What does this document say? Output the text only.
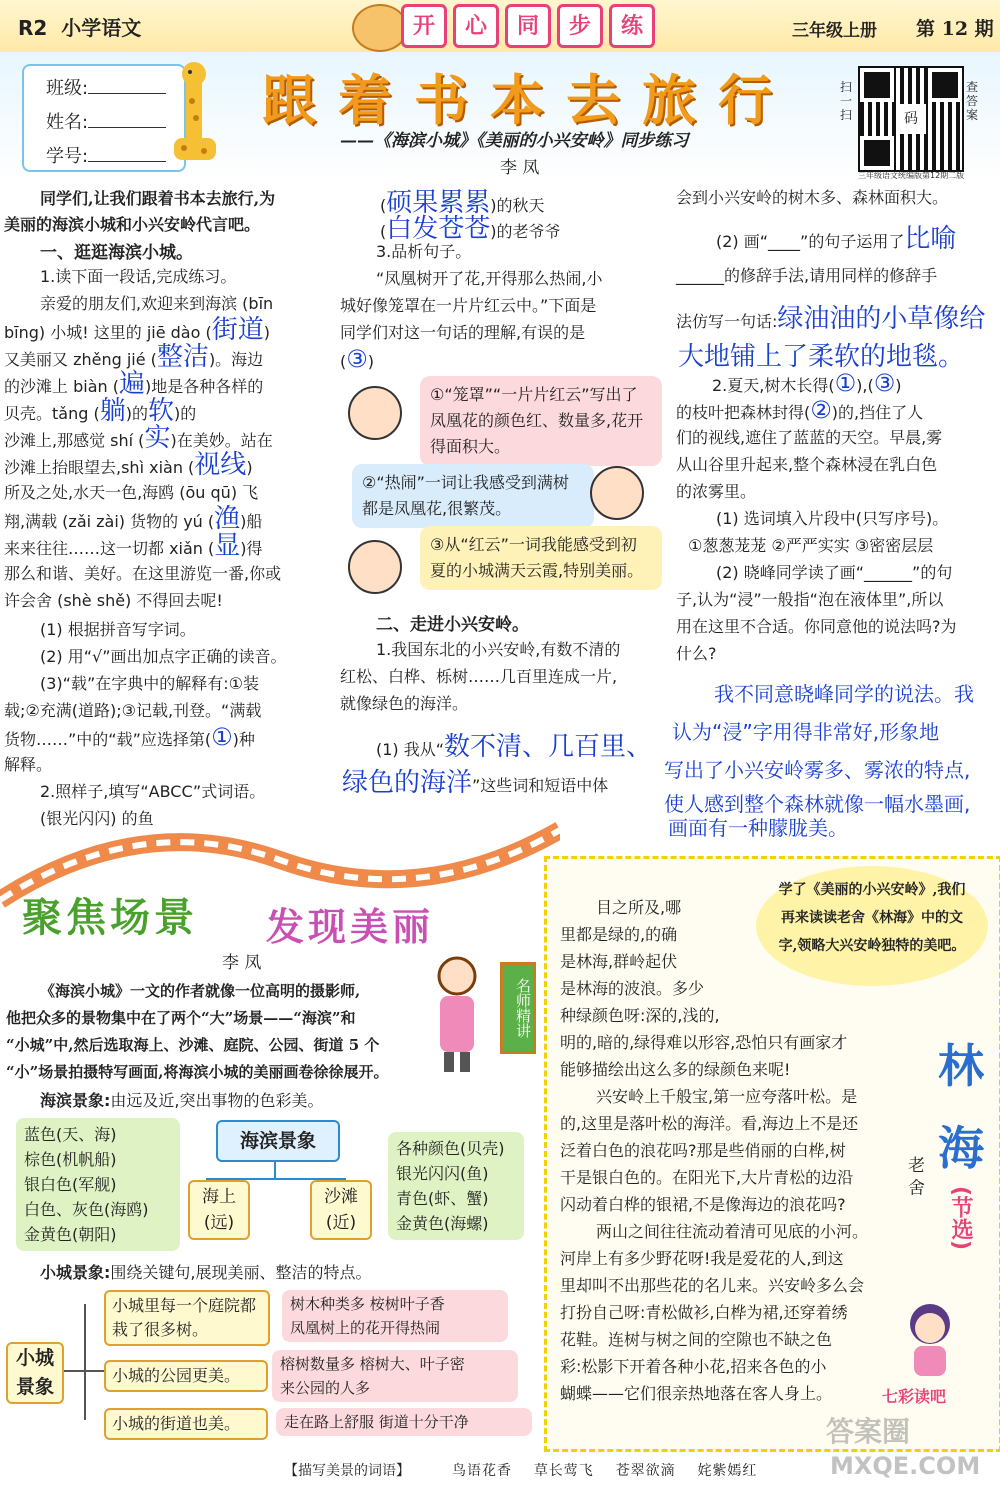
R2 小学语文	开 心 同 步 练	三年级上册 第 12 期
班级:
姓名:
学号:
跟着书本去旅行
——《海滨小城》《美丽的小兴安岭》同步练习
李 凤
扫一扫	码
查答案
三年级语文统编版第12期二版
同学们,让我们跟着书本去旅行,为
美丽的海滨小城和小兴安岭代言吧。
一、逛逛海滨小城。
1.读下面一段话,完成练习。
亲爱的朋友们,欢迎来到海滨 (bīn
bīng) 小城! 这里的 jiē dào (街道)
又美丽又 zhěng jié (整洁)。海边
的沙滩上 biàn (遍)地是各种各样的
贝壳。tǎng (躺)的软)的
沙滩上,那感觉 shí (实)在美妙。站在
沙滩上抬眼望去,shì xiàn (视线)
所及之处,水天一色,海鸥 (ōu qū) 飞
翔,满载 (zǎi zài) 货物的 yú (渔)船
来来往往……这一切都 xiǎn (显)得
那么和谐、美好。在这里游览一番,你或
许会舍 (shè shě) 不得回去呢!
(1) 根据拼音写字词。
(2) 用“√”画出加点字正确的读音。
(3)“载”在字典中的解释有:①装
载;②充满(道路);③记载,刊登。“满载
货物……”中的“载”应选择第(①)种
解释。
2.照样子,填写“ABCC”式词语。
(银光闪闪) 的鱼
(硕果累累)的秋天
(白发苍苍)的老爷爷
3.品析句子。
“凤凰树开了花,开得那么热闹,小
城好像笼罩在一片片红云中。”下面是
同学们对这一句话的理解,有误的是
(③)
①“笼罩”“一片片红云”写出了凤凰花的颜色红、数量多,花开得面积大。
②“热闹”一词让我感受到满树都是凤凰花,很繁茂。
③从“红云”一词我能感受到初夏的小城满天云霞,特别美丽。
二、走进小兴安岭。
1.我国东北的小兴安岭,有数不清的
红松、白桦、栎树……几百里连成一片,
就像绿色的海洋。
(1) 我从“数不清、几百里、
绿色的海洋”这些词和短语中体
会到小兴安岭的树木多、森林面积大。
(2) 画“____”的句子运用了比喻
______的修辞手法,请用同样的修辞手
法仿写一句话:绿油油的小草像给
大地铺上了柔软的地毯。
2.夏天,树木长得(①),(③)
的枝叶把森林封得(②)的,挡住了人
们的视线,遮住了蓝蓝的天空。早晨,雾
从山谷里升起来,整个森林浸在乳白色
的浓雾里。
(1) 选词填入片段中(只写序号)。
①葱葱茏茏 ②严严实实 ③密密层层
(2) 晓峰同学读了画“______”的句
子,认为“浸”一般指“泡在液体里”,所以
用在这里不合适。你同意他的说法吗?为
什么?
我不同意晓峰同学的说法。我
认为“浸”字用得非常好,形象地
写出了小兴安岭雾多、雾浓的特点,
使人感到整个森林就像一幅水墨画,
画面有一种朦胧美。
聚焦场景 发现美丽
李 凤
名师精讲
《海滨小城》一文的作者就像一位高明的摄影师,
他把众多的景物集中在了两个“大”场景——“海滨”和
“小城”中,然后选取海上、沙滩、庭院、公园、街道 5 个
“小”场景拍摄特写画面,将海滨小城的美丽画卷徐徐展开。
海滨景象:由远及近,突出事物的色彩美。
蓝色(天、海)
棕色(机帆船)
银白色(军舰)
白色、灰色(海鸥)
金黄色(朝阳)
海滨景象
海上
(远)
沙滩
(近)
各种颜色(贝壳)
银光闪闪(鱼)
青色(虾、蟹)
金黄色(海螺)
小城景象:围绕关键句,展现美丽、整洁的特点。
小城景象
小城里每一个庭院都栽了很多树。
树木种类多 桉树叶子香
凤凰树上的花开得热闹
小城的公园更美。
榕树数量多 榕树大、叶子密
来公园的人多
小城的街道也美。	走在路上舒服 街道十分干净
学了《美丽的小兴安岭》,我们再来读读老舍《林海》中的文字,领略大兴安岭独特的美吧。
目之所及,哪
里都是绿的,的确
是林海,群岭起伏
是林海的波浪。多少
种绿颜色呀:深的,浅的,
明的,暗的,绿得难以形容,恐怕只有画家才
能够描绘出这么多的绿颜色来呢!
兴安岭上千般宝,第一应夸落叶松。是
的,这里是落叶松的海洋。看,海边上不是还
泛着白色的浪花吗?那是些俏丽的白桦,树
干是银白色的。在阳光下,大片青松的边沿
闪动着白桦的银裙,不是像海边的浪花吗?
两山之间往往流动着清可见底的小河。
河岸上有多少野花呀!我是爱花的人,到这
里却叫不出那些花的名儿来。兴安岭多么会
打扮自己呀:青松做衫,白桦为裙,还穿着绣
花鞋。连树与树之间的空隙也不缺之色
彩:松影下开着各种小花,招来各色的小
蝴蝶——它们很亲热地落在客人身上。
林
海
(节选)
老 舍
七彩读吧
【描写美景的词语】	鸟语花香 草长莺飞 苍翠欲滴 姹紫嫣红
答案圈
MXQE.COM
